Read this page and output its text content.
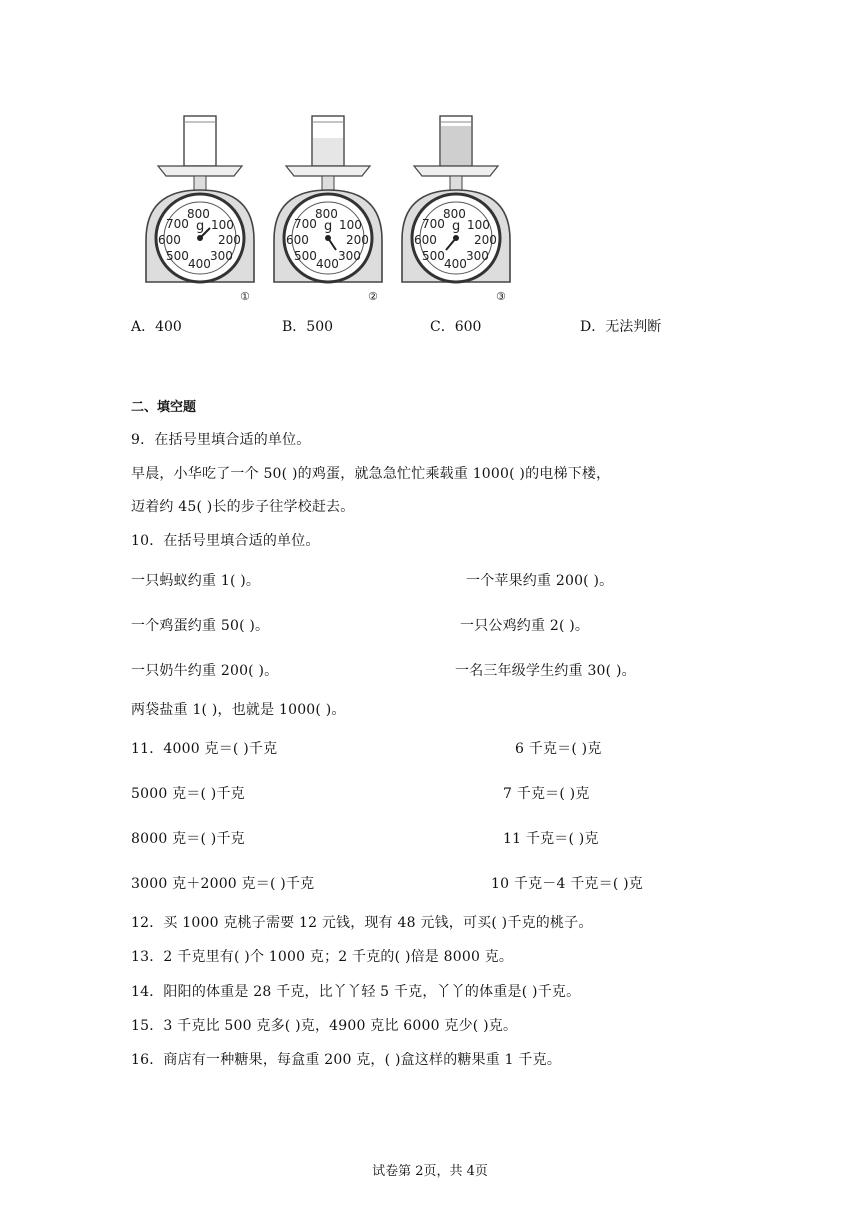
800
100
200
300
400
500
600
700 g
①
800
100
200
300
400
500
600
700 g
②
800
100
200
300
400
500
600
700 g
③
A．400	B．500	C．600	D．无法判断
二、填空题
9．在括号里填合适的单位。
早晨，小华吃了一个 50( )的鸡蛋，就急急忙忙乘载重 1000( )的电梯下楼，
迈着约 45( )长的步子往学校赶去。
10．在括号里填合适的单位。
一只蚂蚁约重 1( )。	一个苹果约重 200( )。
一个鸡蛋约重 50( )。	一只公鸡约重 2( )。
一只奶牛约重 200( )。	一名三年级学生约重 30( )。
两袋盐重 1( )，也就是 1000( )。
11．4000 克＝( )千克	6 千克＝( )克
5000 克＝( )千克	7 千克＝( )克
8000 克＝( )千克	11 千克＝( )克
3000 克＋2000 克＝( )千克	10 千克－4 千克＝( )克
12．买 1000 克桃子需要 12 元钱，现有 48 元钱，可买( )千克的桃子。
13．2 千克里有( )个 1000 克；2 千克的( )倍是 8000 克。
14．阳阳的体重是 28 千克，比丫丫轻 5 千克，丫丫的体重是( )千克。
15．3 千克比 500 克多( )克，4900 克比 6000 克少( )克。
16．商店有一种糖果，每盒重 200 克，( )盒这样的糖果重 1 千克。
试卷第 2页，共 4页
